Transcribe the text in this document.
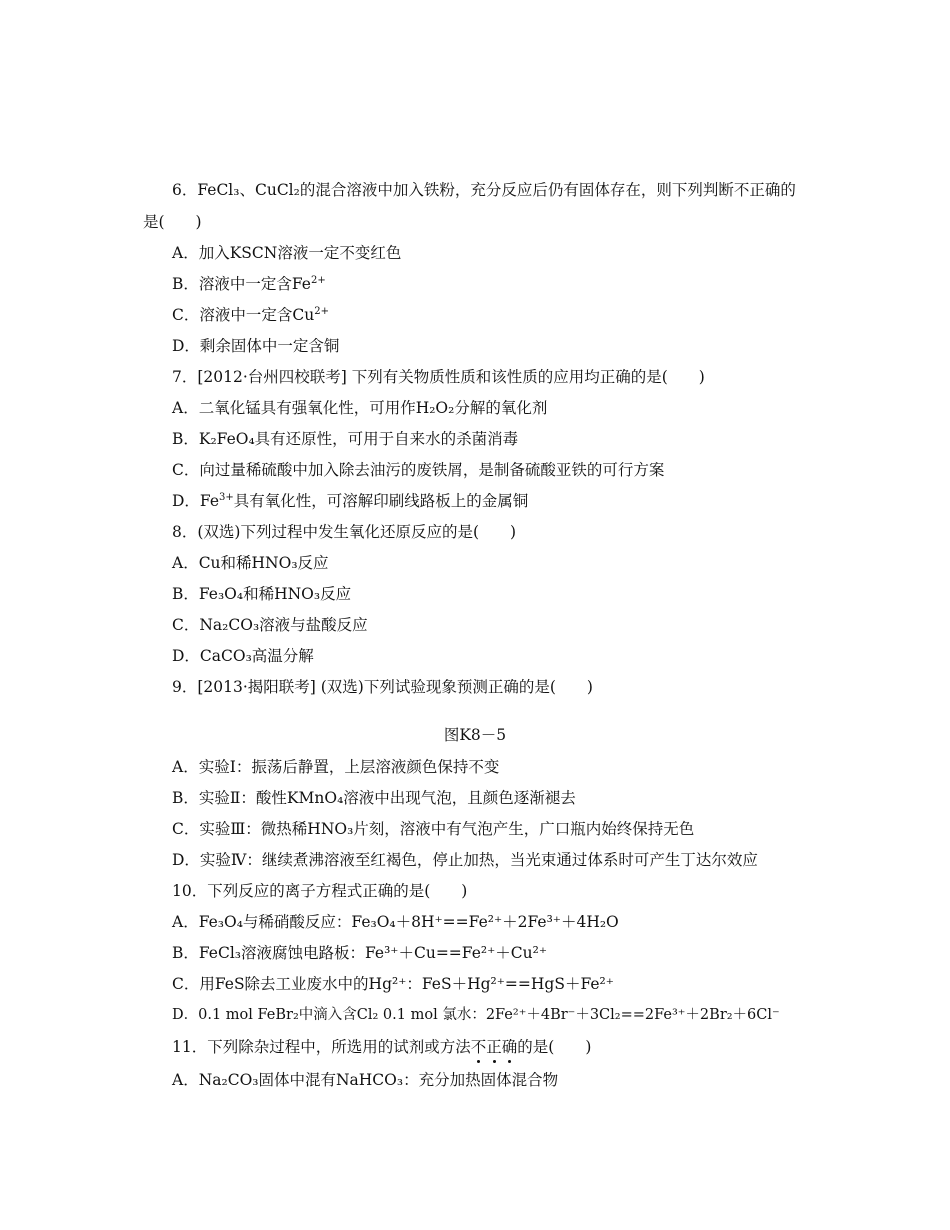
6．FeCl₃、CuCl₂的混合溶液中加入铁粉，充分反应后仍有固体存在，则下列判断不正确的
是(　　)
A．加入KSCN溶液一定不变红色
B．溶液中一定含$Fe^{2+}$
C．溶液中一定含$Cu^{2+}$
D．剩余固体中一定含铜
7．[2012·台州四校联考] 下列有关物质性质和该性质的应用均正确的是(　　)
A．二氧化锰具有强氧化性，可用作H₂O₂分解的氧化剂
B．K₂FeO₄具有还原性，可用于自来水的杀菌消毒
C．向过量稀硫酸中加入除去油污的废铁屑，是制备硫酸亚铁的可行方案
D．$Fe^{3+}$具有氧化性，可溶解印刷线路板上的金属铜
8．(双选)下列过程中发生氧化还原反应的是(　　)
A．Cu和稀HNO₃反应
B．Fe₃O₄和稀HNO₃反应
C．Na₂CO₃溶液与盐酸反应
D．CaCO₃高温分解
9．[2013·揭阳联考] (双选)下列试验现象预测正确的是(　　)
图K8－5
A．实验Ⅰ：振荡后静置，上层溶液颜色保持不变
B．实验Ⅱ：酸性KMnO₄溶液中出现气泡，且颜色逐渐褪去
C．实验Ⅲ：微热稀HNO₃片刻，溶液中有气泡产生，广口瓶内始终保持无色
D．实验Ⅳ：继续煮沸溶液至红褐色，停止加热，当光束通过体系时可产生丁达尔效应
10．下列反应的离子方程式正确的是(　　)
A．Fe₃O₄与稀硝酸反应：Fe₃O₄＋8H⁺==Fe²⁺＋2Fe³⁺＋4H₂O
B．FeCl₃溶液腐蚀电路板：Fe³⁺＋Cu==Fe²⁺＋Cu²⁺
C．用FeS除去工业废水中的Hg²⁺：FeS＋Hg²⁺==HgS＋Fe²⁺
D．0.1 mol FeBr₂中滴入含Cl₂ 0.1 mol 氯水：2Fe²⁺＋4Br⁻＋3Cl₂==2Fe³⁺＋2Br₂＋6Cl⁻
11．下列除杂过程中，所选用的试剂或方法不正确的是(　　)
A．Na₂CO₃固体中混有NaHCO₃：充分加热固体混合物
